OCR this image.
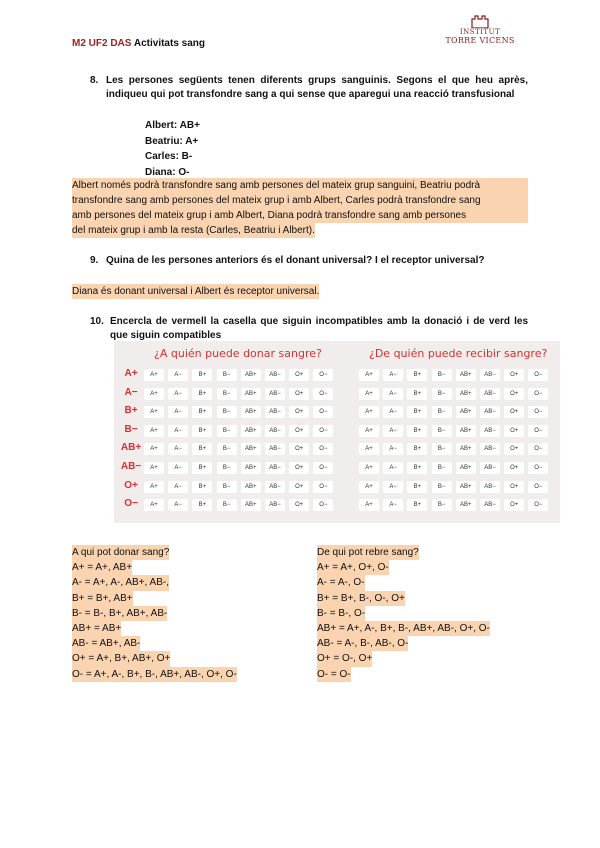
M2 UF2 DAS Activitats sang
INSTITUT
TORRE VICENS
8. Les persones següents tenen diferents grups sanguinis. Segons el que heu après, indiqueu qui pot transfondre sang a qui sense que aparegui una reacció transfusional
Albert: AB+
Beatriu: A+
Carles: B-
Diana: O-
Albert només podrà transfondre sang amb persones del mateix grup sanguini, Beatriu podrà
transfondre sang amb persones del mateix grup i amb Albert, Carles podrà transfondre sang
amb persones del mateix grup i amb Albert, Diana podrà transfondre sang amb persones
del mateix grup i amb la resta (Carles, Beatriu i Albert).
9. Quina de les persones anteriors és el donant universal? I el receptor universal?
Diana és donant universal i Albert és receptor universal.
10. Encercla de vermell la casella que siguin incompatibles amb la donació i de verd les que siguin compatibles
¿A quién puede donar sangre?	¿De quién puede recibir sangre?
A+	A+	A−	B+	B−	AB+	AB−	O+	O−	A+	A−	B+	B−	AB+	AB−	O+	O−
A−	A+	A−	B+	B−	AB+	AB−	O+	O−	A+	A−	B+	B−	AB+	AB−	O+	O−
B+	A+	A−	B+	B−	AB+	AB−	O+	O−	A+	A−	B+	B−	AB+	AB−	O+	O−
B−	A+	A−	B+	B−	AB+	AB−	O+	O−	A+	A−	B+	B−	AB+	AB−	O+	O−
AB+	A+	A−	B+	B−	AB+	AB−	O+	O−	A+	A−	B+	B−	AB+	AB−	O+	O−
AB−	A+	A−	B+	B−	AB+	AB−	O+	O−	A+	A−	B+	B−	AB+	AB−	O+	O−
O+	A+	A−	B+	B−	AB+	AB−	O+	O−	A+	A−	B+	B−	AB+	AB−	O+	O−
O−	A+	A−	B+	B−	AB+	AB−	O+	O−	A+	A−	B+	B−	AB+	AB−	O+	O−
A qui pot donar sang?
A+ = A+, AB+
A- = A+, A-, AB+, AB-,
B+ = B+, AB+
B- = B-, B+, AB+, AB-
AB+ = AB+
AB- = AB+, AB-
O+ = A+, B+, AB+, O+
O- = A+, A-, B+, B-, AB+, AB-, O+, O-
De qui pot rebre sang?
A+ = A+, O+, O-
A- = A-, O-
B+ = B+, B-, O-, O+
B- = B-, O-
AB+ = A+, A-, B+, B-, AB+, AB-, O+, O-
AB- = A-, B-, AB-, O-
O+ = O-, O+
O- = O-
